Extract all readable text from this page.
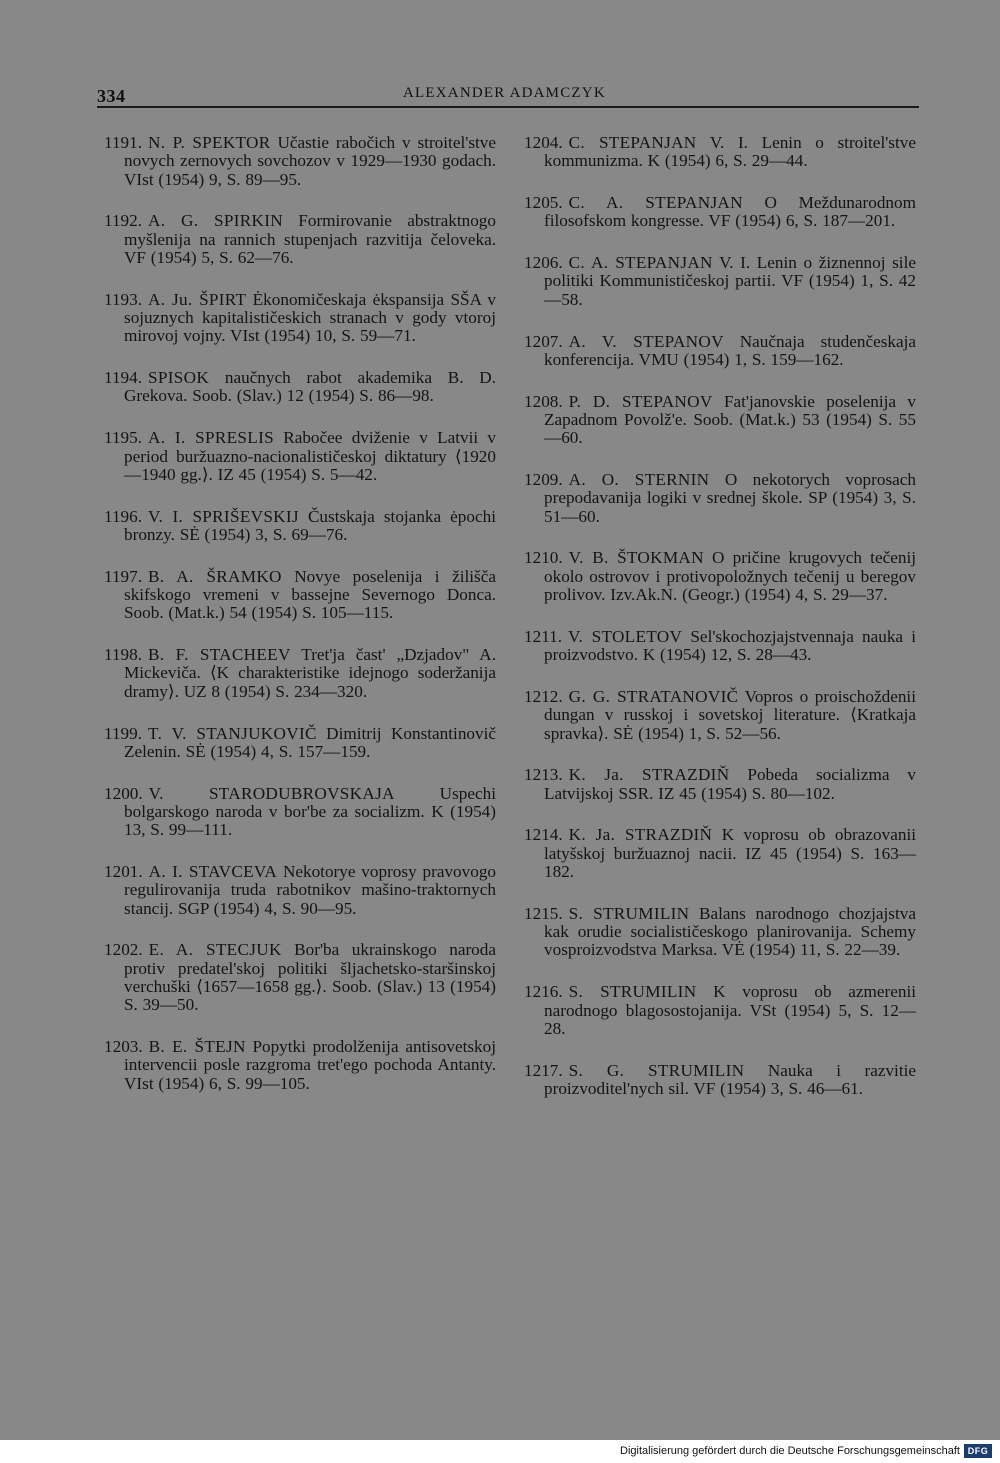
334	ALEXANDER ADAMCZYK
1191. N. P. SPEKTOR Učastie rabočich v stroitel'stve novych zernovych sovchozov v 1929—1930 godach. VIst (1954) 9, S. 89—95.
1192. A. G. SPIRKIN Formirovanie abstraktnogo myšlenija na rannich stupenjach razvitija čeloveka. VF (1954) 5, S. 62—76.
1193. A. Ju. ŠPIRT Ėkonomičeskaja ėkspansija SŠA v sojuznych kapitalističeskich stranach v gody vtoroj mirovoj vojny. VIst (1954) 10, S. 59—71.
1194. SPISOK naučnych rabot akademika B. D. Grekova. Soob. (Slav.) 12 (1954) S. 86—98.
1195. A. I. SPRESLIS Rabočee dviženie v Latvii v period buržuazno-nacionalističeskoj diktatury ⟨1920—1940 gg.⟩. IZ 45 (1954) S. 5—42.
1196. V. I. SPRIŠEVSKIJ Čustskaja stojanka ėpochi bronzy. SĖ (1954) 3, S. 69—76.
1197. B. A. ŠRAMKO Novye poselenija i žilišča skifskogo vremeni v bassejne Severnogo Donca. Soob. (Mat.k.) 54 (1954) S. 105—115.
1198. B. F. STACHEEV Tret'ja čast' „Dzjadov" A. Mickeviča. ⟨K charakteristike idejnogo soderžanija dramy⟩. UZ 8 (1954) S. 234—320.
1199. T. V. STANJUKOVIČ Dimitrij Konstantinovič Zelenin. SĖ (1954) 4, S. 157—159.
1200. V. STARODUBROVSKAJA	Uspechi bolgarskogo naroda v bor'be za socializm. K (1954) 13, S. 99—111.
1201. A. I. STAVCEVA Nekotorye voprosy pravovogo regulirovanija truda rabotnikov mašino-traktornych stancij. SGP (1954) 4, S. 90—95.
1202. E. A. STECJUK Bor'ba ukrainskogo naroda protiv predatel'skoj politiki šljachetsko-staršinskoj verchuški ⟨1657—1658 gg.⟩. Soob. (Slav.) 13 (1954) S. 39—50.
1203. B. E. ŠTEJN Popytki prodolženija antisovetskoj intervencii posle razgroma tret'ego pochoda Antanty. VIst (1954) 6, S. 99—105.
1204. C. STEPANJAN V. I. Lenin o stroitel'stve kommunizma. K (1954) 6, S. 29—44.
1205. C. A. STEPANJAN O Meždunarodnom filosofskom kongresse. VF (1954) 6, S. 187—201.
1206. C. A. STEPANJAN V. I. Lenin o žiznennoj sile politiki Kommunističeskoj partii. VF (1954) 1, S. 42—58.
1207. A. V. STEPANOV Naučnaja studenčeskaja konferencija. VMU (1954) 1, S. 159—162.
1208. P. D. STEPANOV Fat'janovskie poselenija v Zapadnom Povolž'e. Soob. (Mat.k.) 53 (1954) S. 55—60.
1209. A. O. STERNIN O nekotorych voprosach prepodavanija logiki v srednej škole. SP (1954) 3, S. 51—60.
1210. V. B. ŠTOKMAN O pričine krugovych tečenij okolo ostrovov i protivopoložnych tečenij u beregov prolivov. Izv.Ak.N. (Geogr.) (1954) 4, S. 29—37.
1211. V. STOLETOV Sel'skochozjajstvennaja nauka i proizvodstvo. K (1954) 12, S. 28—43.
1212. G. G. STRATANOVIČ Vopros o proischoždenii dungan v russkoj i sovetskoj literature. ⟨Kratkaja spravka⟩. SĖ (1954) 1, S. 52—56.
1213. K. Ja. STRAZDIŇ Pobeda socializma v Latvijskoj SSR. IZ 45 (1954) S. 80—102.
1214. K. Ja. STRAZDIŇ K voprosu ob obrazovanii latyšskoj buržuaznoj nacii. IZ 45 (1954) S. 163—182.
1215. S. STRUMILIN Balans narodnogo chozjajstva kak orudie socialističeskogo planirovanija. Schemy vosproizvodstva Marksa. VĖ (1954) 11, S. 22—39.
1216. S. STRUMILIN K voprosu ob azmerenii narodnogo blagosostojanija. VSt (1954) 5, S. 12—28.
1217. S. G. STRUMILIN Nauka i razvitie proizvoditel'nych sil. VF (1954) 3, S. 46—61.
Digitalisierung gefördert durch die Deutsche Forschungsgemeinschaft DFG
